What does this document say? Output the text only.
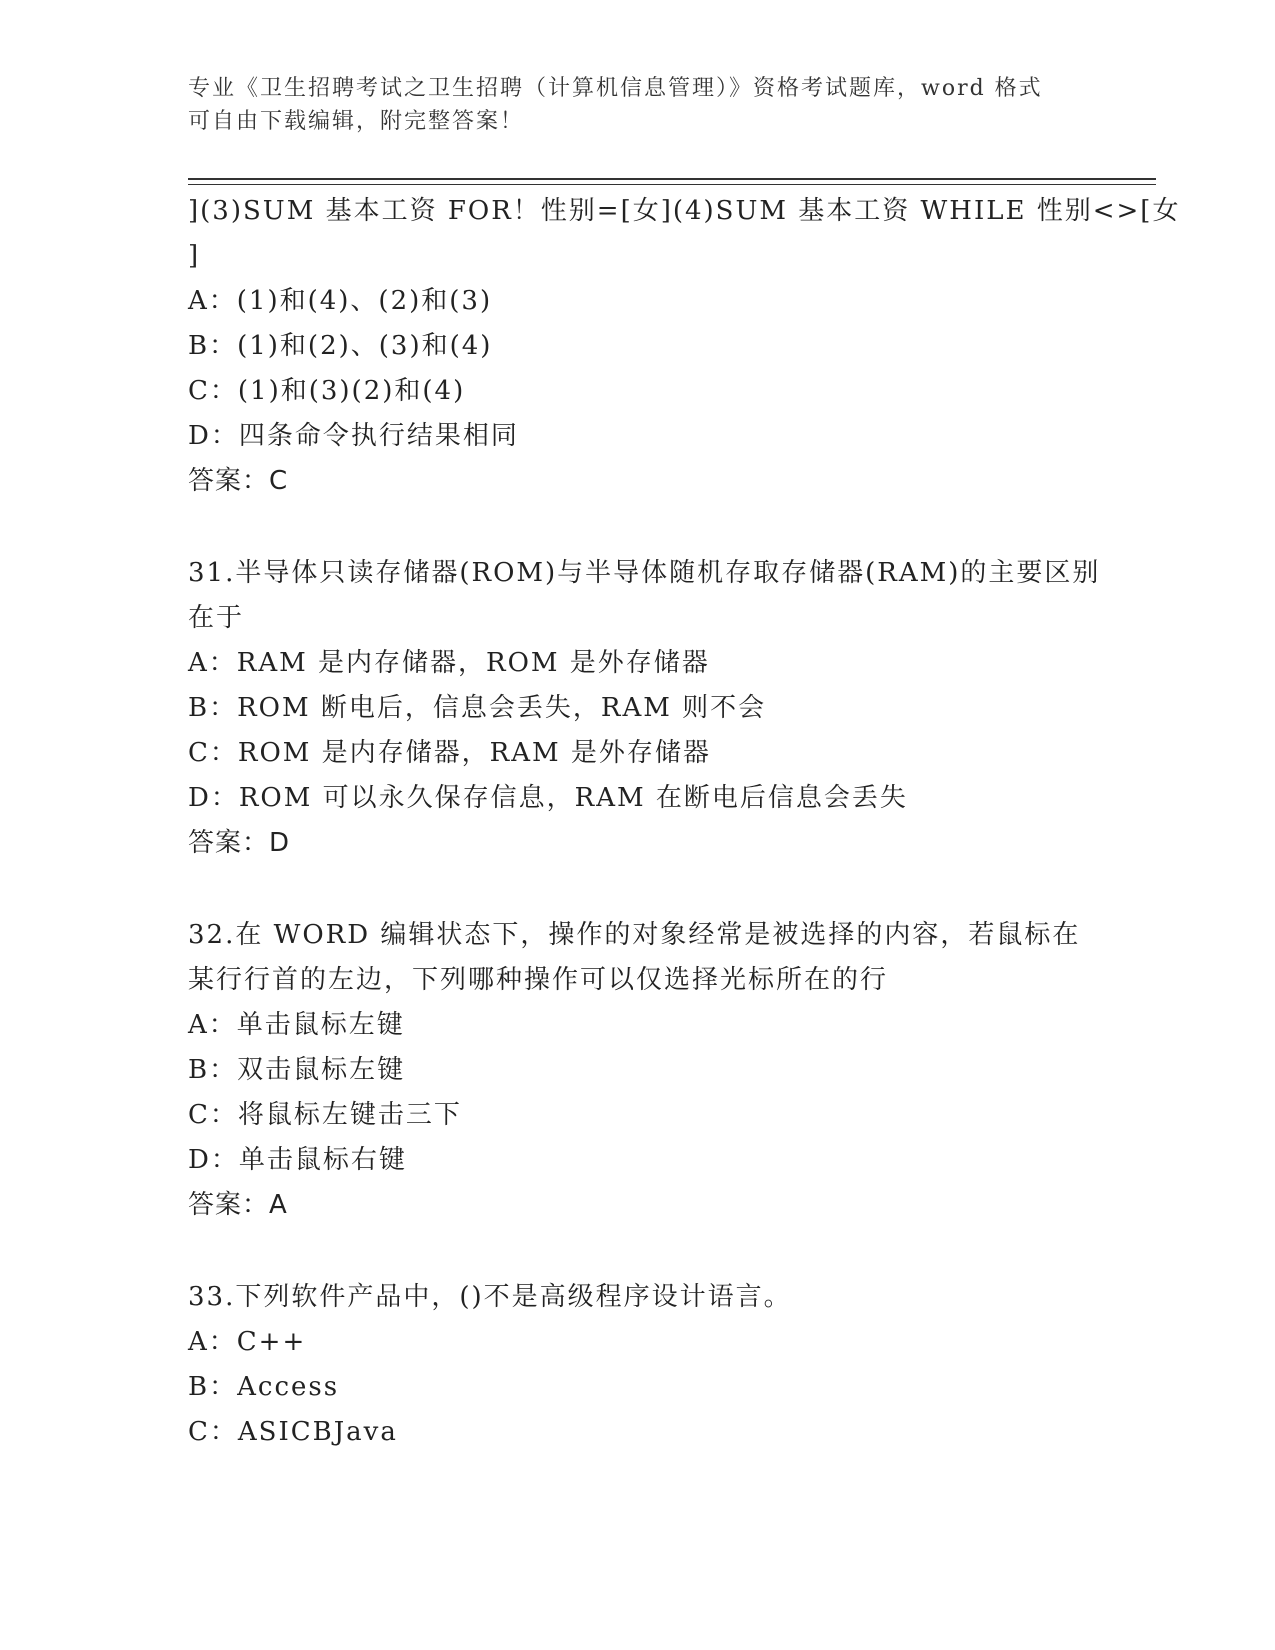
专业《卫生招聘考试之卫生招聘（计算机信息管理）》资格考试题库，word 格式
可自由下载编辑，附完整答案！
](3)SUM 基本工资 FOR！性别=[女](4)SUM 基本工资 WHILE 性别<>[女
]
A：(1)和(4)、(2)和(3)
B：(1)和(2)、(3)和(4)
C：(1)和(3)(2)和(4)
D：四条命令执行结果相同
答案：C
31.半导体只读存储器(ROM)与半导体随机存取存储器(RAM)的主要区别
在于
A：RAM 是内存储器，ROM 是外存储器
B：ROM 断电后，信息会丢失，RAM 则不会
C：ROM 是内存储器，RAM 是外存储器
D：ROM 可以永久保存信息，RAM 在断电后信息会丢失
答案：D
32.在 WORD 编辑状态下，操作的对象经常是被选择的内容，若鼠标在
某行行首的左边，下列哪种操作可以仅选择光标所在的行
A：单击鼠标左键
B：双击鼠标左键
C：将鼠标左键击三下
D：单击鼠标右键
答案：A
33.下列软件产品中，()不是高级程序设计语言。
A：C++
B：Access
C：ASICBJava
